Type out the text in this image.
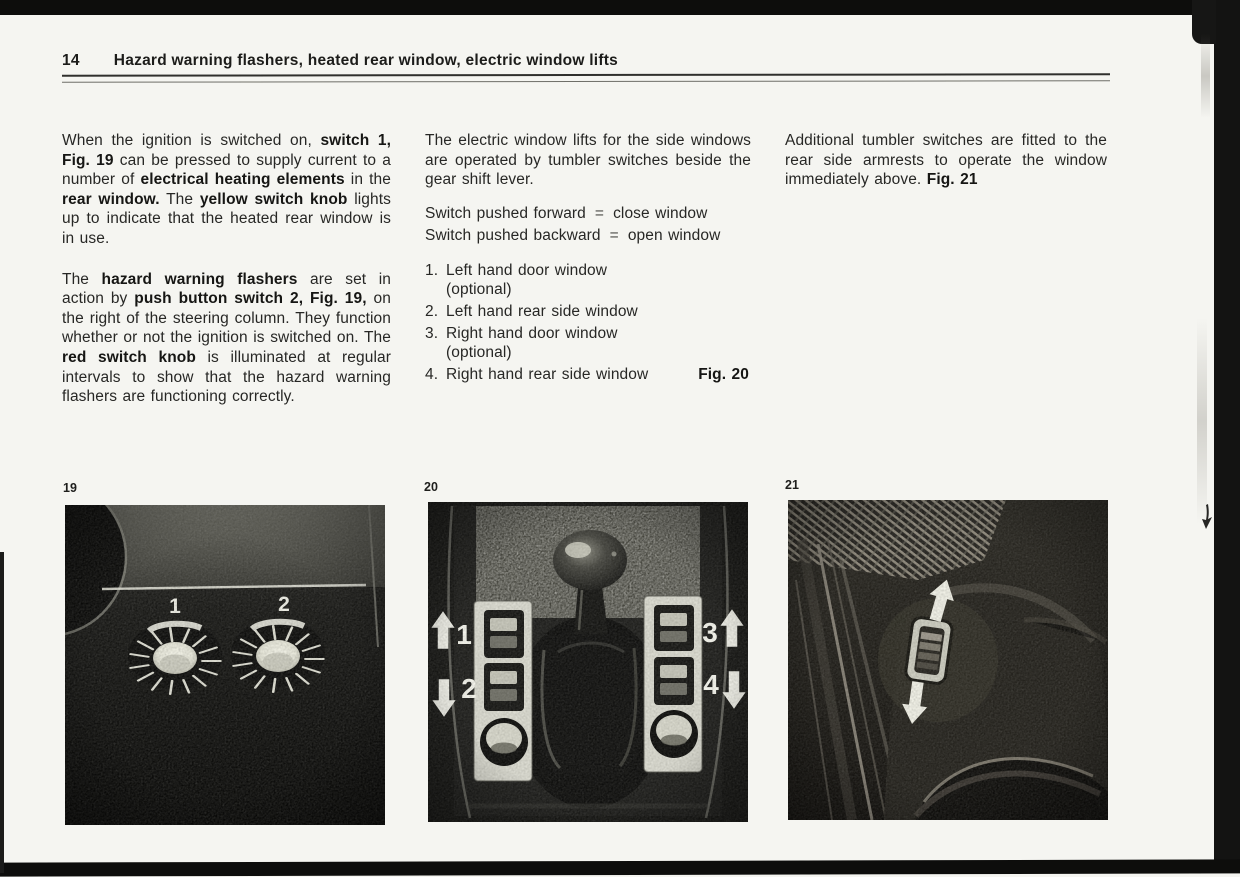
14 Hazard warning flashers, heated rear window, electric window lifts

When the ignition is switched on, switch 1, Fig. 19 can be pressed to supply current to a number of electrical heating elements in the rear window. The yellow switch knob lights up to indicate that the heated rear window is in use.

The hazard warning flashers are set in action by push button switch 2, Fig. 19, on the right of the steering column. They function whether or not the ignition is switched on. The red switch knob is illuminated at regular intervals to show that the hazard warning flashers are functioning correctly.

The electric window lifts for the side windows are operated by tumbler switches beside the gear shift lever.

Switch pushed forward = close window
Switch pushed backward = open window
1. Left hand door window
(optional)
2. Left hand rear side window
3. Right hand door window
(optional)
4. Right hand rear side window	Fig. 20

Additional tumbler switches are fitted to the rear side armrests to operate the window immediately above. Fig. 21

19	20	21
